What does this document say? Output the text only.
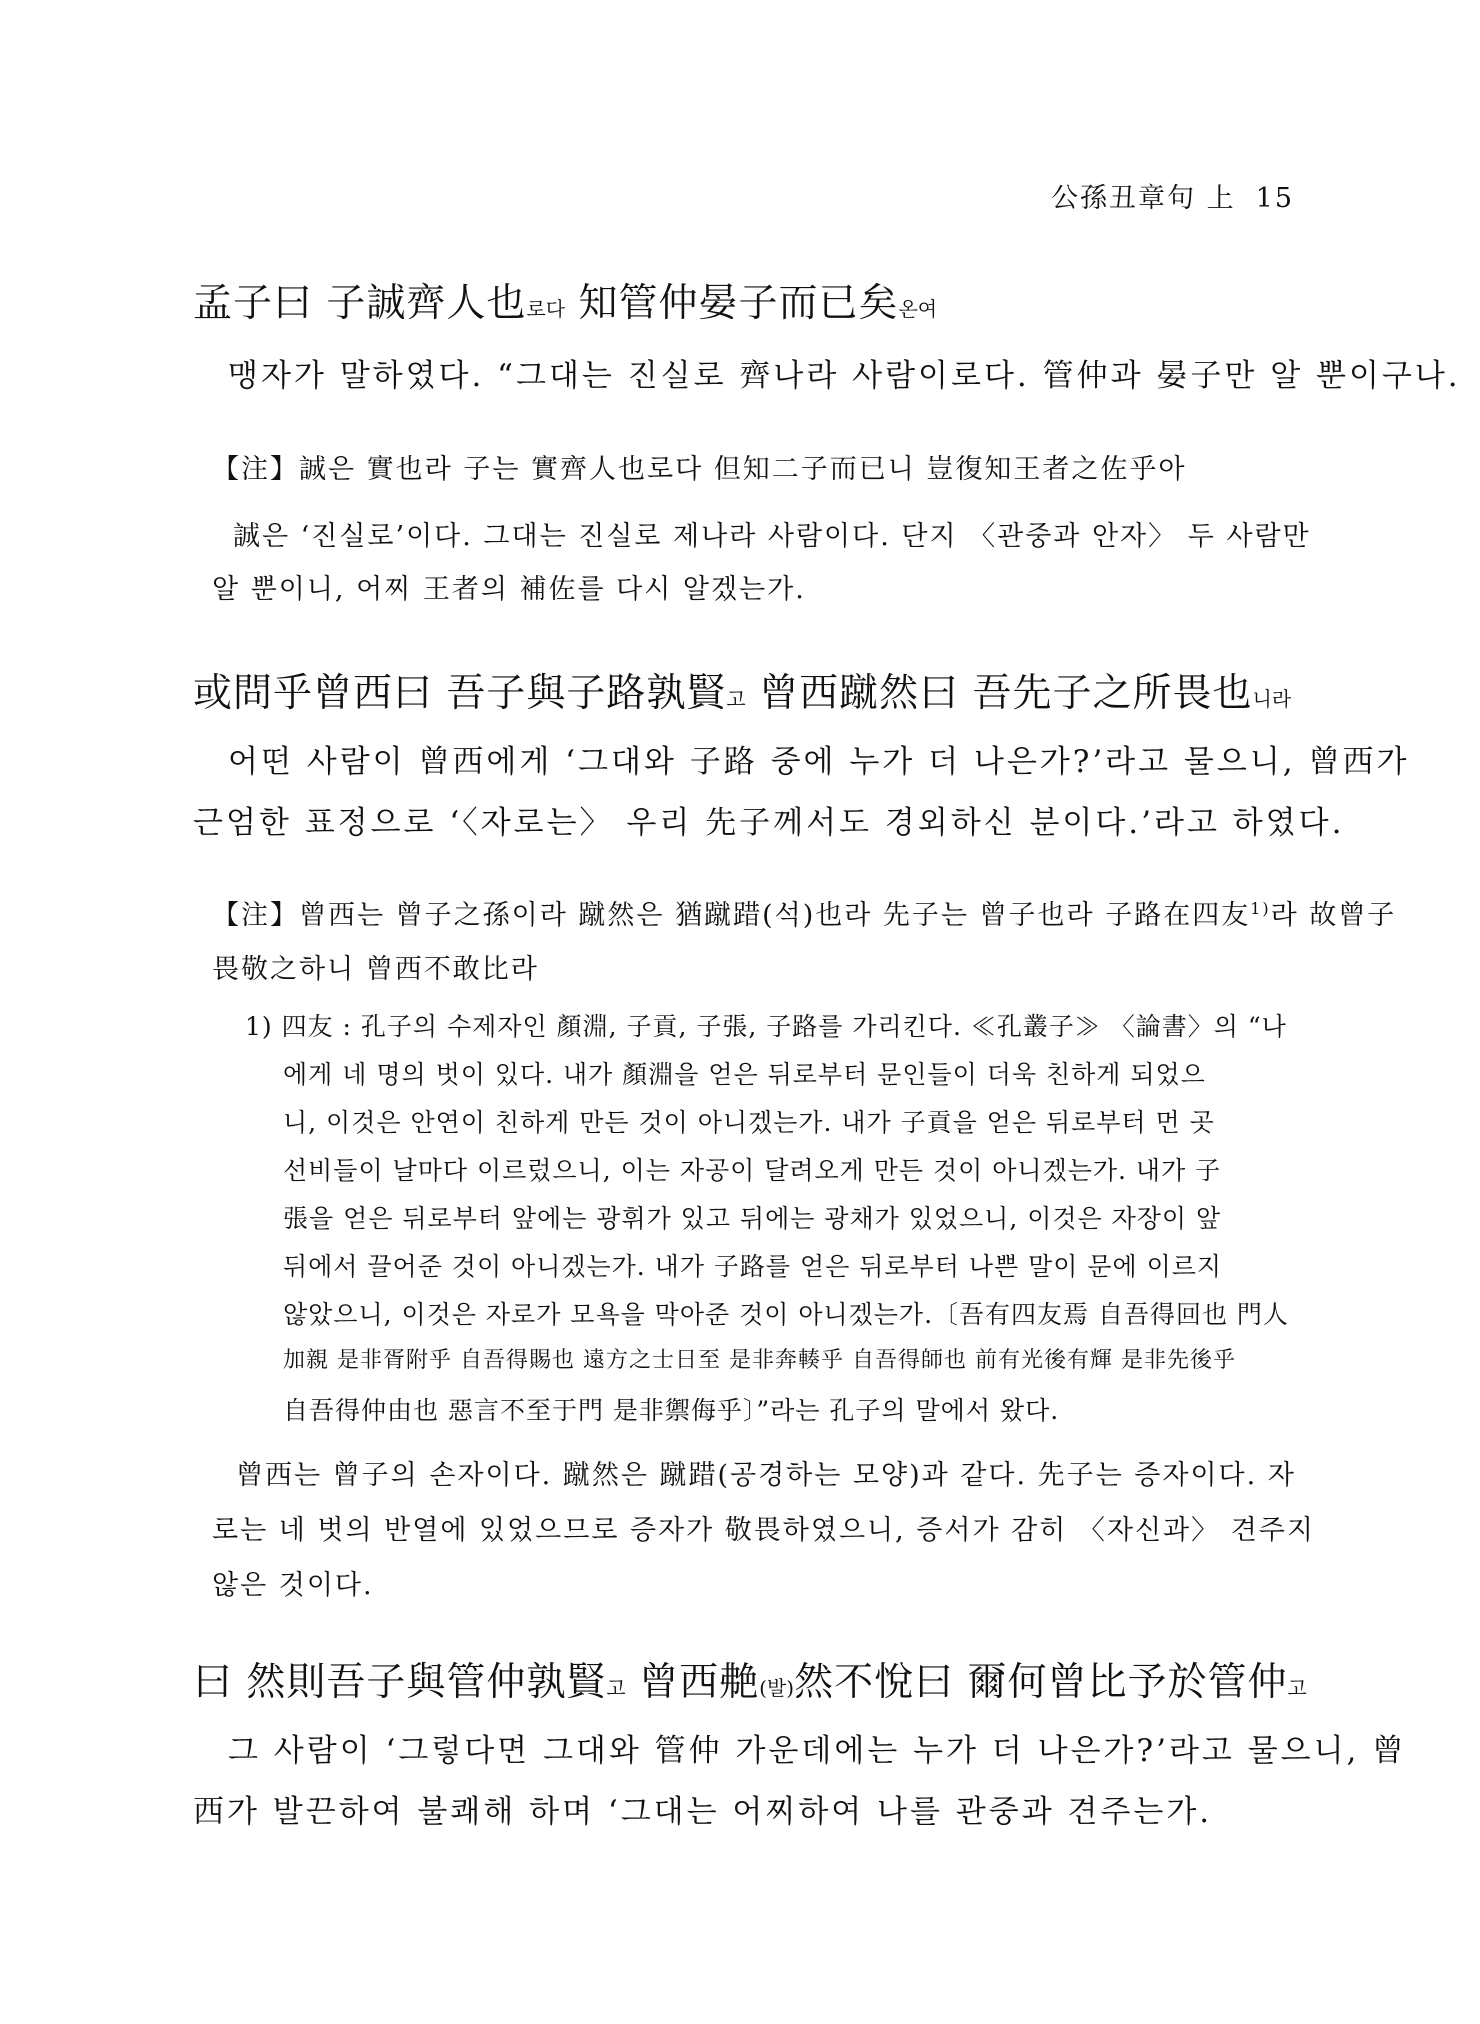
公孫丑章句 上 15
孟子曰 子誠齊人也로다 知管仲晏子而已矣온여
맹자가 말하였다. “그대는 진실로 齊나라 사람이로다. 管仲과 晏子만 알 뿐이구나.
【注】誠은 實也라 子는 實齊人也로다 但知二子而已니 豈復知王者之佐乎아
誠은 ‘진실로’이다. 그대는 진실로 제나라 사람이다. 단지 〈관중과 안자〉 두 사람만
알 뿐이니, 어찌 王者의 補佐를 다시 알겠는가.
或問乎曾西曰 吾子與子路孰賢고 曾西蹴然曰 吾先子之所畏也니라
어떤 사람이 曾西에게 ‘그대와 子路 중에 누가 더 나은가?’라고 물으니, 曾西가
근엄한 표정으로 ‘〈자로는〉 우리 先子께서도 경외하신 분이다.’라고 하였다.
【注】曾西는 曾子之孫이라 蹴然은 猶蹴踖(석)也라 先子는 曾子也라 子路在四友$^{1)}$라 故曾子
畏敬之하니 曾西不敢比라
1) 四友 : 孔子의 수제자인 顏淵, 子貢, 子張, 子路를 가리킨다. ≪孔叢子≫ 〈論書〉의 “나
에게 네 명의 벗이 있다. 내가 顏淵을 얻은 뒤로부터 문인들이 더욱 친하게 되었으
니, 이것은 안연이 친하게 만든 것이 아니겠는가. 내가 子貢을 얻은 뒤로부터 먼 곳
선비들이 날마다 이르렀으니, 이는 자공이 달려오게 만든 것이 아니겠는가. 내가 子
張을 얻은 뒤로부터 앞에는 광휘가 있고 뒤에는 광채가 있었으니, 이것은 자장이 앞
뒤에서 끌어준 것이 아니겠는가. 내가 子路를 얻은 뒤로부터 나쁜 말이 문에 이르지
않았으니, 이것은 자로가 모욕을 막아준 것이 아니겠는가.〔吾有四友焉 自吾得回也 門人
加親 是非胥附乎 自吾得賜也 遠方之士日至 是非奔輳乎 自吾得師也 前有光後有輝 是非先後乎
自吾得仲由也 惡言不至于門 是非禦侮乎〕”라는 孔子의 말에서 왔다.
曾西는 曾子의 손자이다. 蹴然은 蹴踖(공경하는 모양)과 같다. 先子는 증자이다. 자
로는 네 벗의 반열에 있었으므로 증자가 敬畏하였으니, 증서가 감히 〈자신과〉 견주지
않은 것이다.
曰 然則吾子與管仲孰賢고 曾西艴(발)然不悅曰 爾何曾比予於管仲고
그 사람이 ‘그렇다면 그대와 管仲 가운데에는 누가 더 나은가?’라고 물으니, 曾
西가 발끈하여 불쾌해 하며 ‘그대는 어찌하여 나를 관중과 견주는가.
